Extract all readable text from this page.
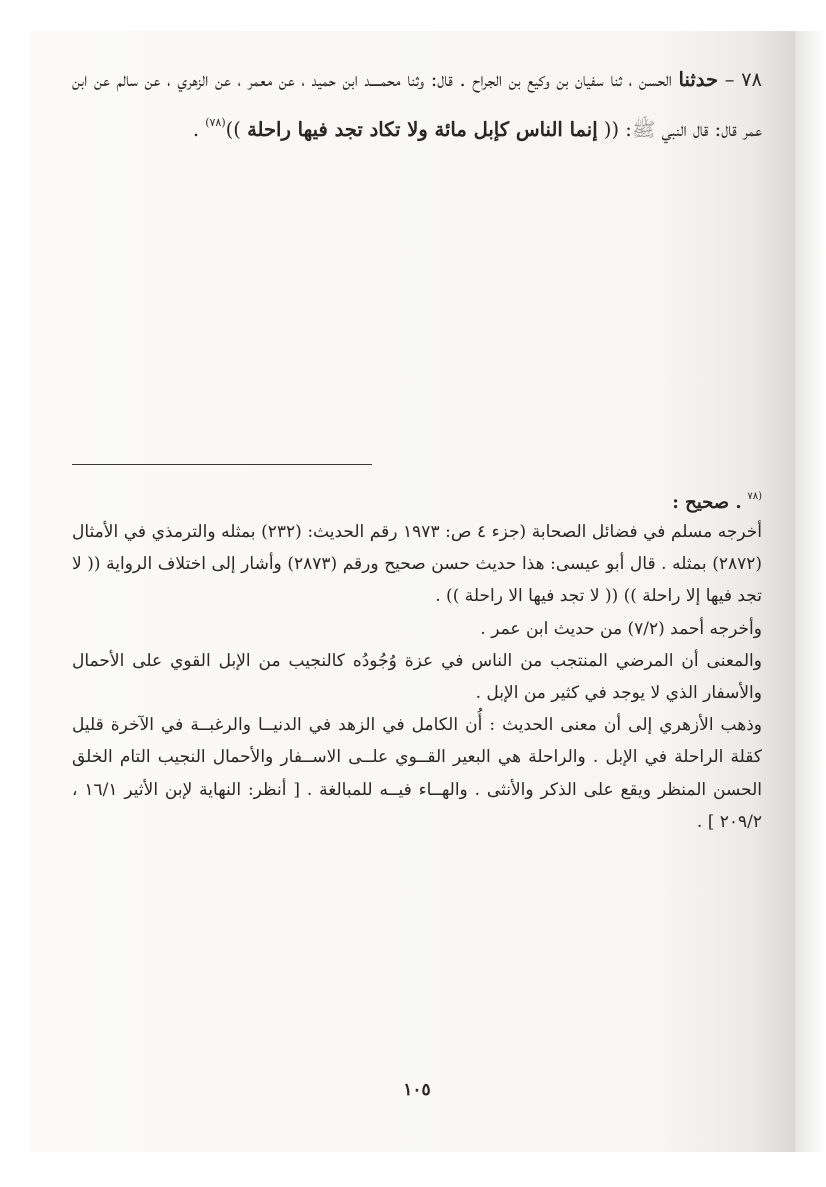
٧٨ – حدثنا الحسن ، ثنا سفيان بن وكيع بن الجراح . قال: وثنا محمــــد ابن حميد ، عن معمر ، عن الزهري ، عن سالم عن ابن عمر قال: قال النبي ﷺ: (( إنما الناس كإبل مائة ولا تكاد تجد فيها راحلة ))$^{(٧٨)}$ .
$^{(٧٨}$ . صحيح :

أخرجه مسلم في فضائل الصحابة (جزء ٤ ص: ١٩٧٣ رقم الحديث: (٢٣٢) بمثله والترمذي في الأمثال (٢٨٧٢) بمثله . قال أبو عيسى: هذا حديث حسن صحيح ورقم (٢٨٧٣) وأشار إلى اختلاف الرواية (( لا تجد فيها إلا راحلة )) (( لا تجد فيها الا راحلة )) .

وأخرجه أحمد (٧/٢) من حديث ابن عمر .

والمعنى أن المرضي المنتجب من الناس في عزة وُجُودُه كالنجيب من الإبل القوي على الأحمال والأسفار الذي لا يوجد في كثير من الإبل .

وذهب الأزهري إلى أن معنى الحديث : أُن الكامل في الزهد في الدنيــا والرغبــة في الآخرة قليل كقلة الراحلة في الإبل . والراحلة هي البعير القــوي علــى الاســفار والأحمال النجيب التام الخلق الحسن المنظر ويقع على الذكر والأنثى . والهــاء فيــه للمبالغة . [ أنظر: النهاية لإبن الأثير ١٦/١ ، ٢٠٩/٢ ] .

١٠٥
